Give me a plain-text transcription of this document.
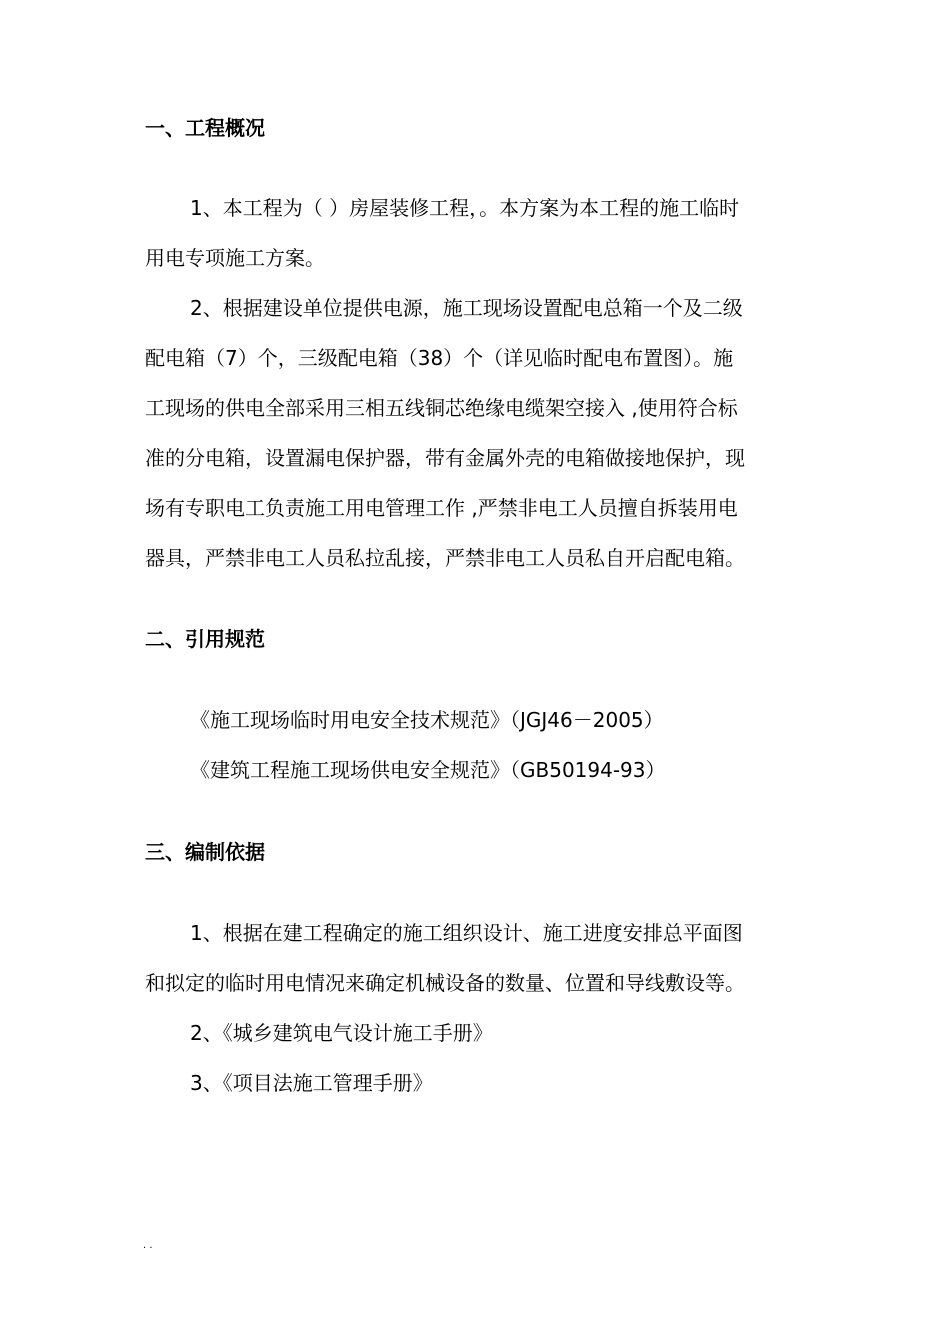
一、工程概况
1、本工程为（ ）房屋装修工程，。本方案为本工程的施工临时
用电专项施工方案。
2、根据建设单位提供电源，施工现场设置配电总箱一个及二级
配电箱（7）个，三级配电箱（38）个（详见临时配电布置图）。施
工现场的供电全部采用三相五线铜芯绝缘电缆架空接入 ,使用符合标
准的分电箱，设置漏电保护器，带有金属外壳的电箱做接地保护，现
场有专职电工负责施工用电管理工作 ,严禁非电工人员擅自拆装用电
器具，严禁非电工人员私拉乱接，严禁非电工人员私自开启配电箱。
二、引用规范
《施工现场临时用电安全技术规范》（JGJ46－2005）
《建筑工程施工现场供电安全规范》（GB50194-93）
三、编制依据
1、根据在建工程确定的施工组织设计、施工进度安排总平面图
和拟定的临时用电情况来确定机械设备的数量、位置和导线敷设等。
2、《城乡建筑电气设计施工手册》
3、《项目法施工管理手册》
. .
